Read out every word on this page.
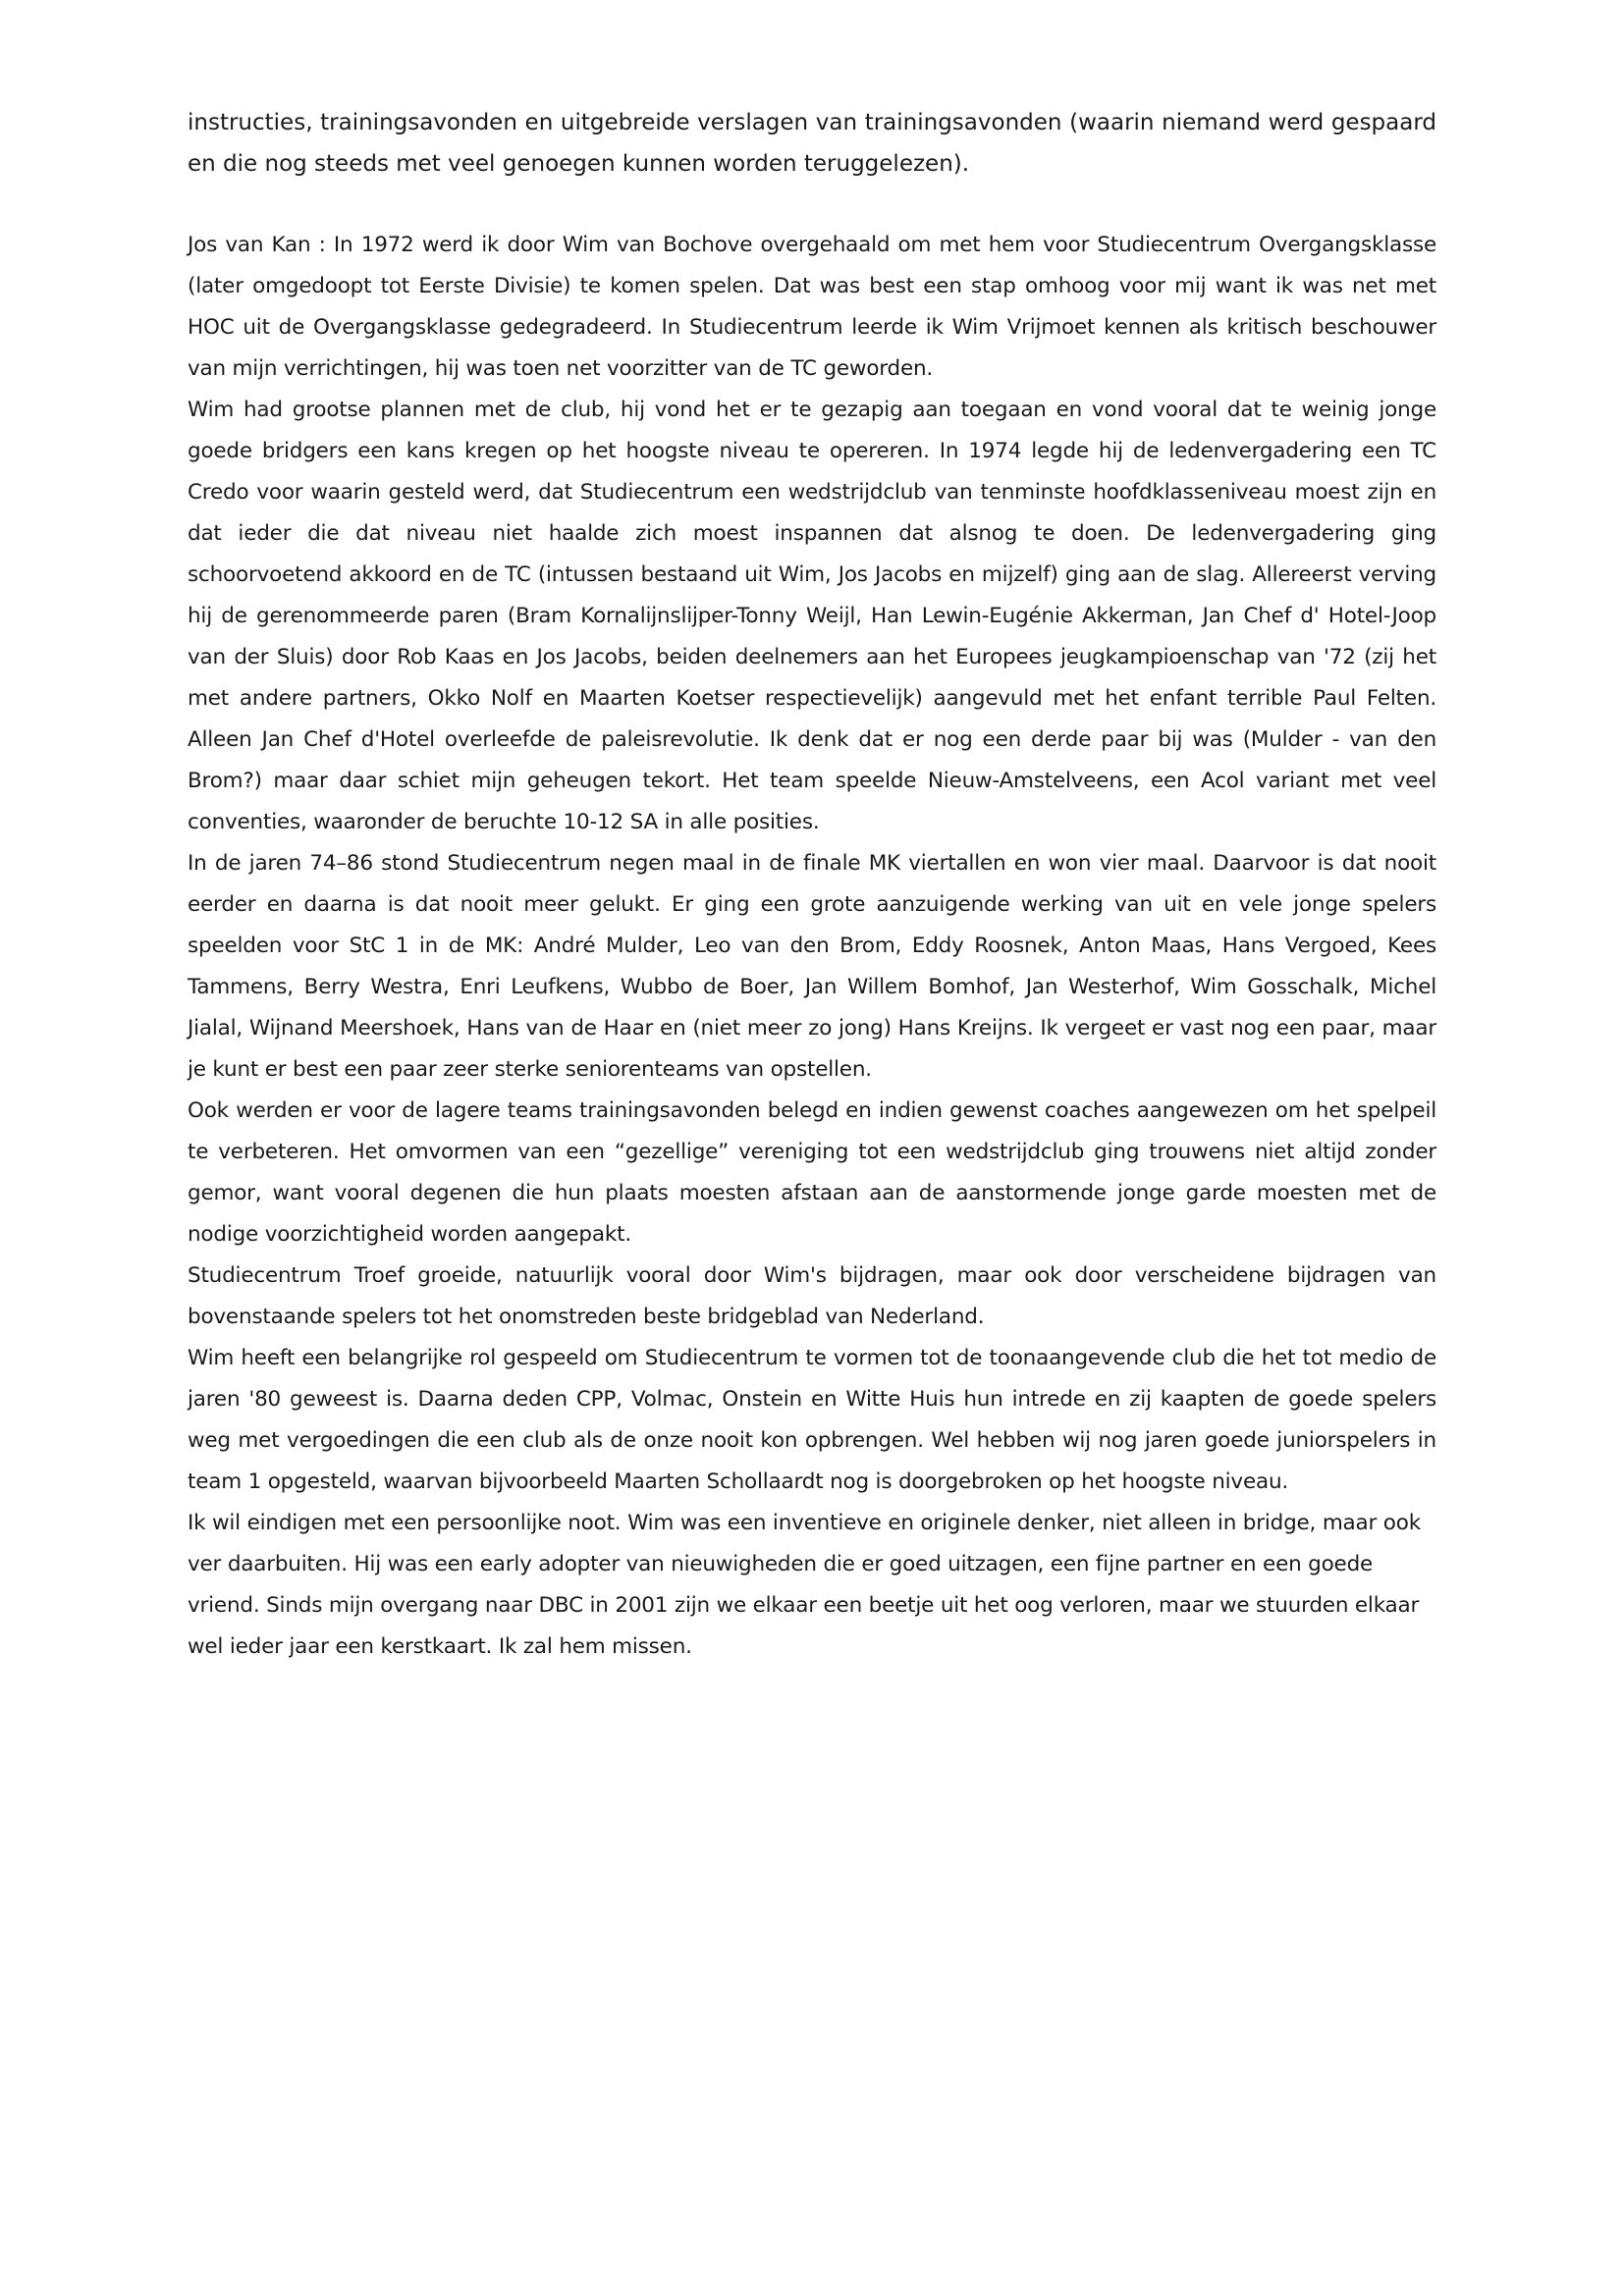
instructies, trainingsavonden en uitgebreide verslagen van trainingsavonden (waarin niemand werd gespaard en die nog steeds met veel genoegen kunnen worden teruggelezen).

Jos van Kan : In 1972 werd ik door Wim van Bochove overgehaald om met hem voor Studiecentrum Overgangsklasse (later omgedoopt tot Eerste Divisie) te komen spelen. Dat was best een stap omhoog voor mij want ik was net met HOC uit de Overgangsklasse gedegradeerd. In Studiecentrum leerde ik Wim Vrijmoet kennen als kritisch beschouwer van mijn verrichtingen, hij was toen net voorzitter van de TC geworden.

Wim had grootse plannen met de club, hij vond het er te gezapig aan toegaan en vond vooral dat te weinig jonge goede bridgers een kans kregen op het hoogste niveau te opereren. In 1974 legde hij de ledenvergadering een TC Credo voor waarin gesteld werd, dat Studiecentrum een wedstrijdclub van tenminste hoofdklasseniveau moest zijn en dat ieder die dat niveau niet haalde zich moest inspannen dat alsnog te doen. De ledenvergadering ging schoorvoetend akkoord en de TC (intussen bestaand uit Wim, Jos Jacobs en mijzelf) ging aan de slag. Allereerst verving hij de gerenommeerde paren (Bram Kornalijnslijper-Tonny Weijl, Han Lewin-Eugénie Akkerman, Jan Chef d' Hotel-Joop van der Sluis) door Rob Kaas en Jos Jacobs, beiden deelnemers aan het Europees jeugkampioenschap van '72 (zij het met andere partners, Okko Nolf en Maarten Koetser respectievelijk) aangevuld met het enfant terrible Paul Felten. Alleen Jan Chef d'Hotel overleefde de paleisrevolutie. Ik denk dat er nog een derde paar bij was (Mulder - van den Brom?) maar daar schiet mijn geheugen tekort. Het team speelde Nieuw-Amstelveens, een Acol variant met veel conventies, waaronder de beruchte 10-12 SA in alle posities.

In de jaren 74–86 stond Studiecentrum negen maal in de finale MK viertallen en won vier maal. Daarvoor is dat nooit eerder en daarna is dat nooit meer gelukt. Er ging een grote aanzuigende werking van uit en vele jonge spelers speelden voor StC 1 in de MK: André Mulder, Leo van den Brom, Eddy Roosnek, Anton Maas, Hans Vergoed, Kees Tammens, Berry Westra, Enri Leufkens, Wubbo de Boer, Jan Willem Bomhof, Jan Westerhof, Wim Gosschalk, Michel Jialal, Wijnand Meershoek, Hans van de Haar en (niet meer zo jong) Hans Kreijns. Ik vergeet er vast nog een paar, maar je kunt er best een paar zeer sterke seniorenteams van opstellen.

Ook werden er voor de lagere teams trainingsavonden belegd en indien gewenst coaches aangewezen om het spelpeil te verbeteren. Het omvormen van een “gezellige” vereniging tot een wedstrijdclub ging trouwens niet altijd zonder gemor, want vooral degenen die hun plaats moesten afstaan aan de aanstormende jonge garde moesten met de nodige voorzichtigheid worden aangepakt.

Studiecentrum Troef groeide, natuurlijk vooral door Wim's bijdragen, maar ook door verscheidene bijdragen van bovenstaande spelers tot het onomstreden beste bridgeblad van Nederland.

Wim heeft een belangrijke rol gespeeld om Studiecentrum te vormen tot de toonaangevende club die het tot medio de jaren '80 geweest is. Daarna deden CPP, Volmac, Onstein en Witte Huis hun intrede en zij kaapten de goede spelers weg met vergoedingen die een club als de onze nooit kon opbrengen. Wel hebben wij nog jaren goede juniorspelers in team 1 opgesteld, waarvan bijvoorbeeld Maarten Schollaardt nog is doorgebroken op het hoogste niveau.

Ik wil eindigen met een persoonlijke noot. Wim was een inventieve en originele denker, niet alleen in bridge, maar ook ver daarbuiten. Hij was een early adopter van nieuwigheden die er goed uitzagen, een fijne partner en een goede vriend. Sinds mijn overgang naar DBC in 2001 zijn we elkaar een beetje uit het oog verloren, maar we stuurden elkaar wel ieder jaar een kerstkaart. Ik zal hem missen.
